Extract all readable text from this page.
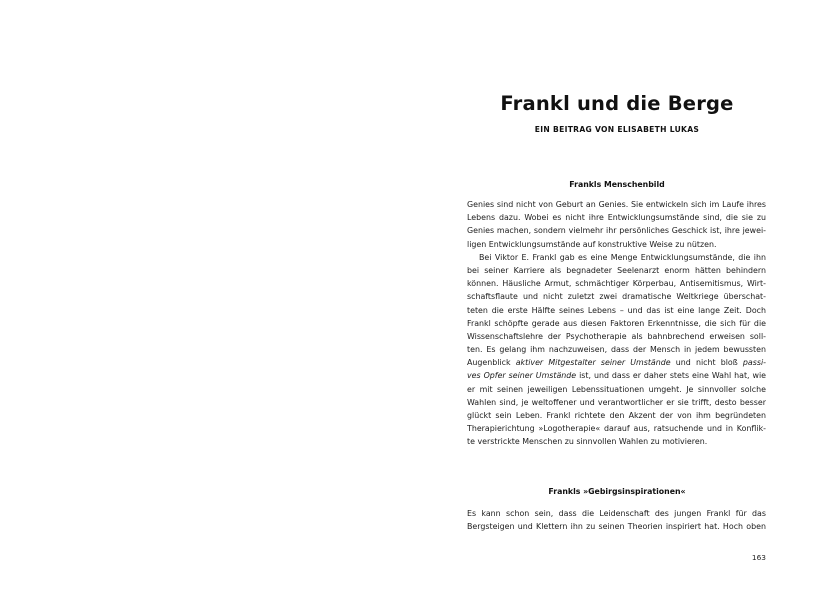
Frankl und die Berge
EIN BEITRAG VON ELISABETH LUKAS
Frankls Menschenbild
Genies sind nicht von Geburt an Genies. Sie entwickeln sich im Laufe ihres
Lebens dazu. Wobei es nicht ihre Entwicklungsumstände sind, die sie zu
Genies machen, sondern vielmehr ihr persönliches Geschick ist, ihre jewei-
ligen Entwicklungsumstände auf konstruktive Weise zu nützen.
Bei Viktor E. Frankl gab es eine Menge Entwicklungsumstände, die ihn
bei seiner Karriere als begnadeter Seelenarzt enorm hätten behindern
können. Häusliche Armut, schmächtiger Körperbau, Antisemitismus, Wirt-
schaftsflaute und nicht zuletzt zwei dramatische Weltkriege überschat-
teten die erste Hälfte seines Lebens – und das ist eine lange Zeit. Doch
Frankl schöpfte gerade aus diesen Faktoren Erkenntnisse, die sich für die
Wissenschaftslehre der Psychotherapie als bahnbrechend erweisen soll-
ten. Es gelang ihm nachzuweisen, dass der Mensch in jedem bewussten
Augenblick aktiver Mitgestalter seiner Umstände und nicht bloß passi-
ves Opfer seiner Umstände ist, und dass er daher stets eine Wahl hat, wie
er mit seinen jeweiligen Lebenssituationen umgeht. Je sinnvoller solche
Wahlen sind, je weltoffener und verantwortlicher er sie trifft, desto besser
glückt sein Leben. Frankl richtete den Akzent der von ihm begründeten
Therapierichtung »Logotherapie« darauf aus, ratsuchende und in Konflik-
te verstrickte Menschen zu sinnvollen Wahlen zu motivieren.
Frankls »Gebirgsinspirationen«
Es kann schon sein, dass die Leidenschaft des jungen Frankl für das
Bergsteigen und Klettern ihn zu seinen Theorien inspiriert hat. Hoch oben
163
